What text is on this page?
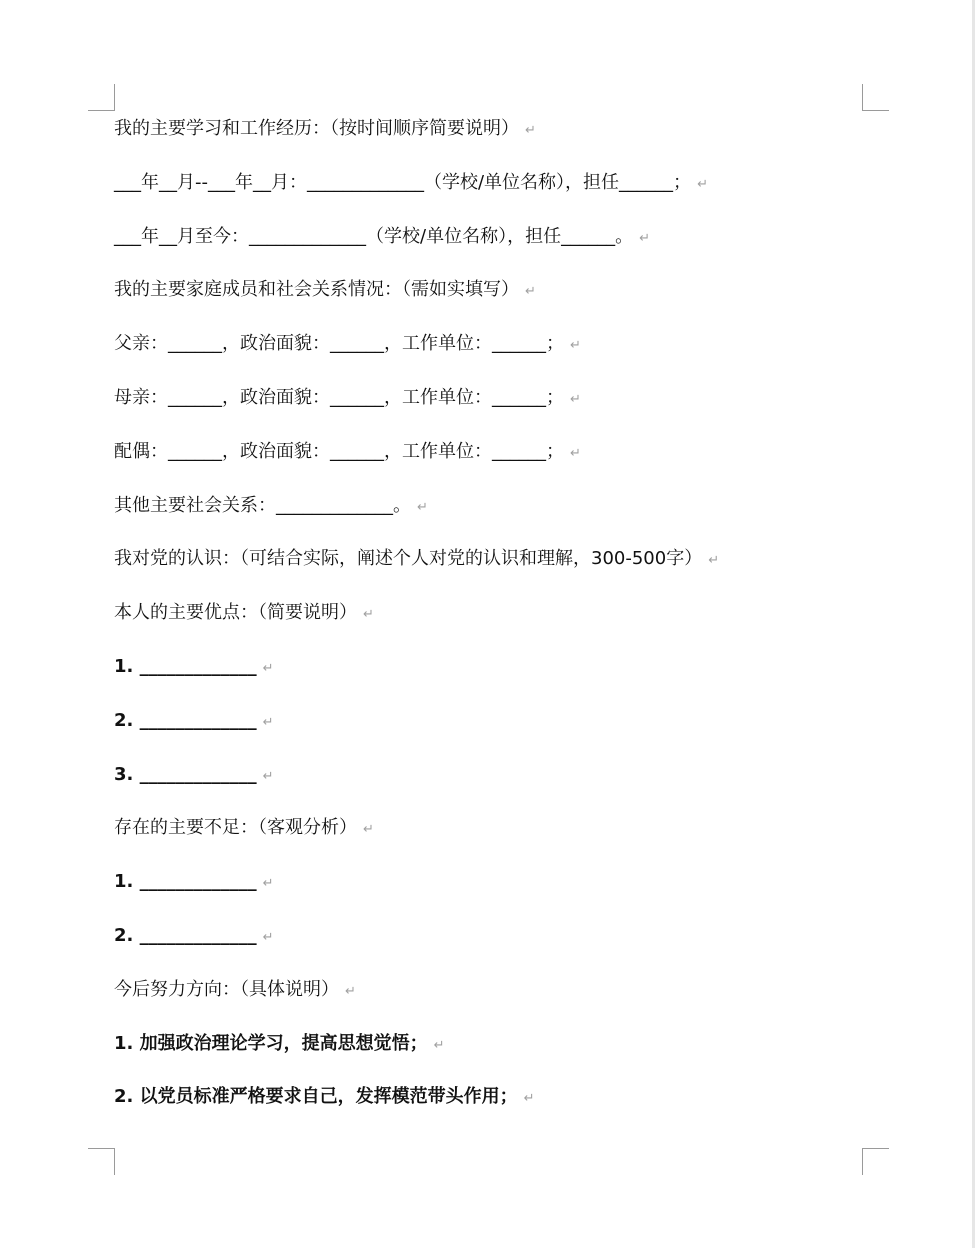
我的主要学习和工作经历：（按时间顺序简要说明） ↵
___年__月--___年__月：_____________（学校/单位名称），担任______； ↵
___年__月至今：_____________（学校/单位名称），担任______。 ↵
我的主要家庭成员和社会关系情况：（需如实填写） ↵
父亲：______，政治面貌：______，工作单位：______； ↵
母亲：______，政治面貌：______，工作单位：______； ↵
配偶：______，政治面貌：______，工作单位：______； ↵
其他主要社会关系：_____________。 ↵
我对党的认识：（可结合实际，阐述个人对党的认识和理解，300-500字） ↵
本人的主要优点：（简要说明） ↵
1. _____________ ↵
2. _____________ ↵
3. _____________ ↵
存在的主要不足：（客观分析） ↵
1. _____________ ↵
2. _____________ ↵
今后努力方向：（具体说明） ↵
1. 加强政治理论学习，提高思想觉悟； ↵
2. 以党员标准严格要求自己，发挥模范带头作用； ↵
